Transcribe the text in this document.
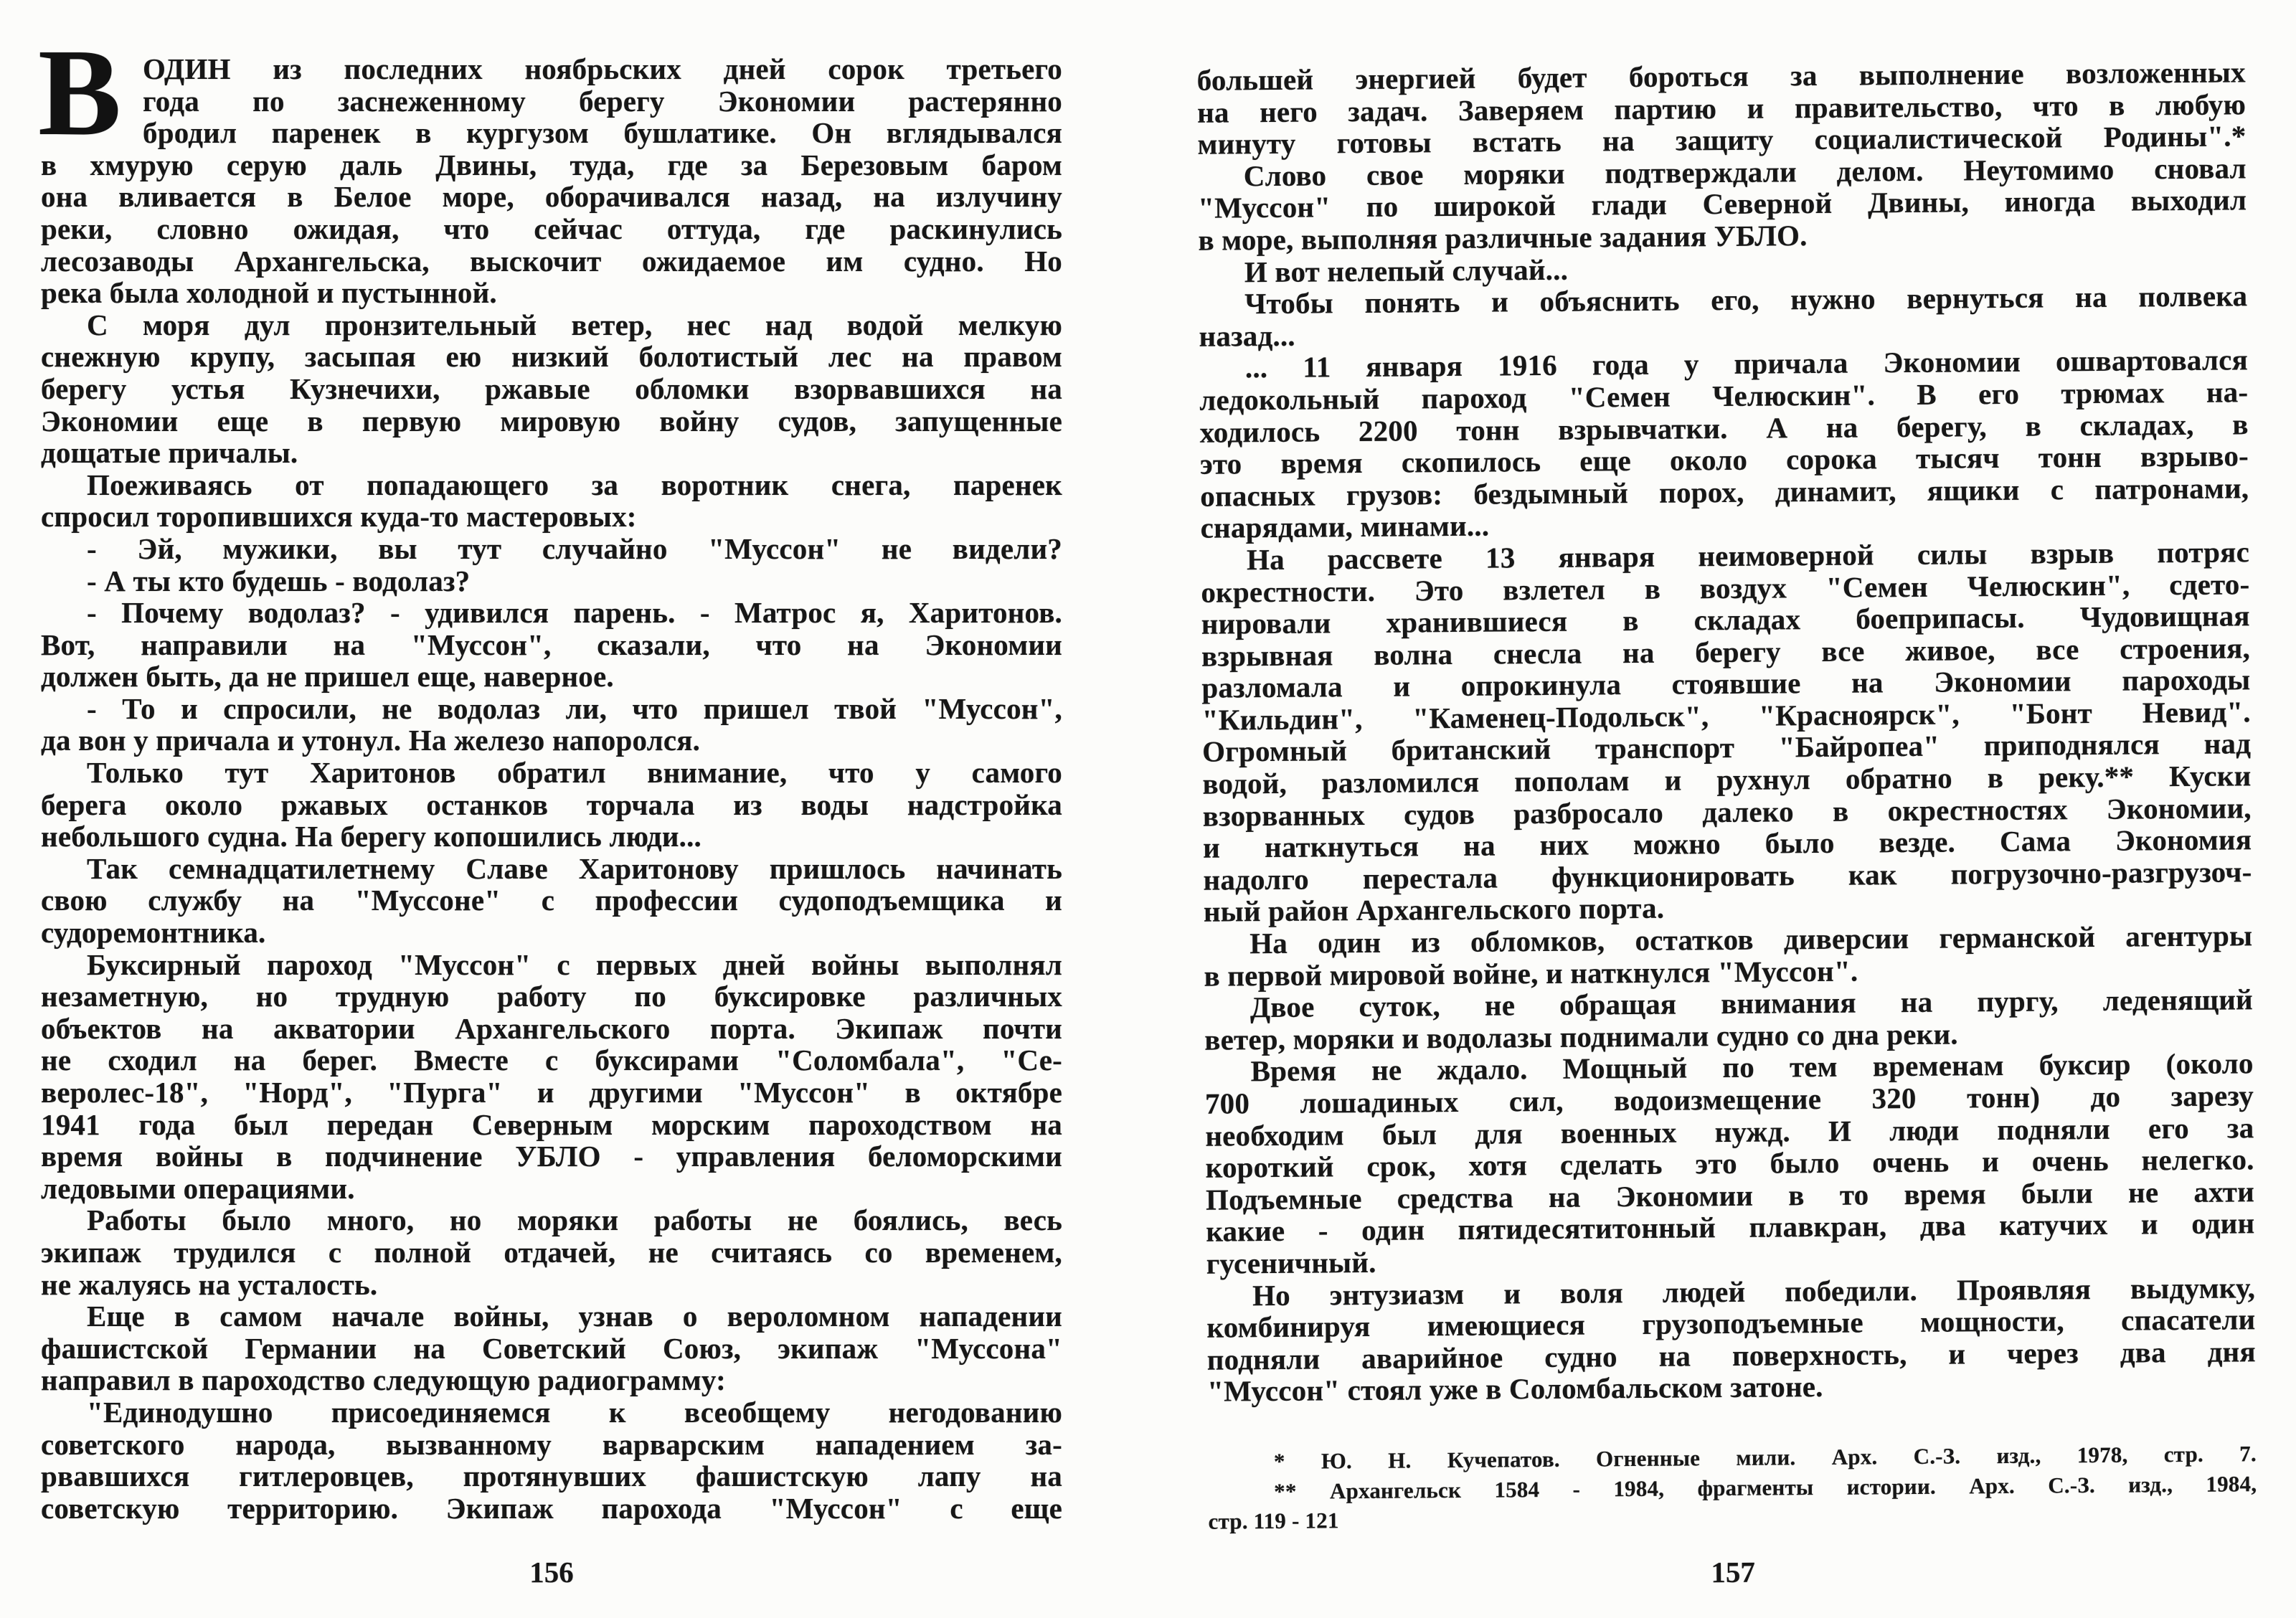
В ОДИН из последних ноябрьских дней сорок третьего
года по заснеженному берегу Экономии растерянно
бродил паренек в кургузом бушлатике. Он вглядывался
в хмурую серую даль Двины, туда, где за Березовым баром
она вливается в Белое море, оборачивался назад, на излучину
реки, словно ожидая, что сейчас оттуда, где раскинулись
лесозаводы Архангельска, выскочит ожидаемое им судно. Но
река была холодной и пустынной.
С моря дул пронзительный ветер, нес над водой мелкую
снежную крупу, засыпая ею низкий болотистый лес на правом
берегу устья Кузнечихи, ржавые обломки взорвавшихся на
Экономии еще в первую мировую войну судов, запущенные
дощатые причалы.
Поеживаясь от попадающего за воротник снега, паренек
спросил торопившихся куда-то мастеровых:
- Эй, мужики, вы тут случайно "Муссон" не видели?
- А ты кто будешь - водолаз?
- Почему водолаз? - удивился парень. - Матрос я, Харитонов.
Вот, направили на "Муссон", сказали, что на Экономии
должен быть, да не пришел еще, наверное.
- То и спросили, не водолаз ли, что пришел твой "Муссон",
да вон у причала и утонул. На железо напоролся.
Только тут Харитонов обратил внимание, что у самого
берега около ржавых останков торчала из воды надстройка
небольшого судна. На берегу копошились люди...
Так семнадцатилетнему Славе Харитонову пришлось начинать
свою службу на "Муссоне" с профессии судоподъемщика и
судоремонтника.
Буксирный пароход "Муссон" с первых дней войны выполнял
незаметную, но трудную работу по буксировке различных
объектов на акватории Архангельского порта. Экипаж почти
не сходил на берег. Вместе с буксирами "Соломбала", "Се-
веролес-18", "Норд", "Пурга" и другими "Муссон" в октябре
1941 года был передан Северным морским пароходством на
время войны в подчинение УБЛО - управления беломорскими
ледовыми операциями.
Работы было много, но моряки работы не боялись, весь
экипаж трудился с полной отдачей, не считаясь со временем,
не жалуясь на усталость.
Еще в самом начале войны, узнав о вероломном нападении
фашистской Германии на Советский Союз, экипаж "Муссона"
направил в пароходство следующую радиограмму:
"Единодушно присоединяемся к всеобщему негодованию
советского народа, вызванному варварским нападением за-
рвавшихся гитлеровцев, протянувших фашистскую лапу на
советскую территорию. Экипаж парохода "Муссон" с еще
156
большей энергией будет бороться за выполнение возложенных
на него задач. Заверяем партию и правительство, что в любую
минуту готовы встать на защиту социалистической Родины".*
Слово свое моряки подтверждали делом. Неутомимо сновал
"Муссон" по широкой глади Северной Двины, иногда выходил
в море, выполняя различные задания УБЛО.
И вот нелепый случай...
Чтобы понять и объяснить его, нужно вернуться на полвека
назад...
... 11 января 1916 года у причала Экономии ошвартовался
ледокольный пароход "Семен Челюскин". В его трюмах на-
ходилось 2200 тонн взрывчатки. А на берегу, в складах, в
это время скопилось еще около сорока тысяч тонн взрыво-
опасных грузов: бездымный порох, динамит, ящики с патронами,
снарядами, минами...
На рассвете 13 января неимоверной силы взрыв потряс
окрестности. Это взлетел в воздух "Семен Челюскин", сдето-
нировали хранившиеся в складах боеприпасы. Чудовищная
взрывная волна снесла на берегу все живое, все строения,
разломала и опрокинула стоявшие на Экономии пароходы
"Кильдин", "Каменец-Подольск", "Красноярск", "Бонт Невид".
Огромный британский транспорт "Байропеа" приподнялся над
водой, разломился пополам и рухнул обратно в реку.** Куски
взорванных судов разбросало далеко в окрестностях Экономии,
и наткнуться на них можно было везде. Сама Экономия
надолго перестала функционировать как погрузочно-разгрузоч-
ный район Архангельского порта.
На один из обломков, остатков диверсии германской агентуры
в первой мировой войне, и наткнулся "Муссон".
Двое суток, не обращая внимания на пургу, леденящий
ветер, моряки и водолазы поднимали судно со дна реки.
Время не ждало. Мощный по тем временам буксир (около
700 лошадиных сил, водоизмещение 320 тонн) до зарезу
необходим был для военных нужд. И люди подняли его за
короткий срок, хотя сделать это было очень и очень нелегко.
Подъемные средства на Экономии в то время были не ахти
какие - один пятидесятитонный плавкран, два катучих и один
гусеничный.
Но энтузиазм и воля людей победили. Проявляя выдумку,
комбинируя имеющиеся грузоподъемные мощности, спасатели
подняли аварийное судно на поверхность, и через два дня
"Муссон" стоял уже в Соломбальском затоне.
* Ю. Н. Кучепатов. Огненные мили. Арх. С.-З. изд., 1978, стр. 7.
** Архангельск 1584 - 1984, фрагменты истории. Арх. С.-З. изд., 1984,
стр. 119 - 121
157
